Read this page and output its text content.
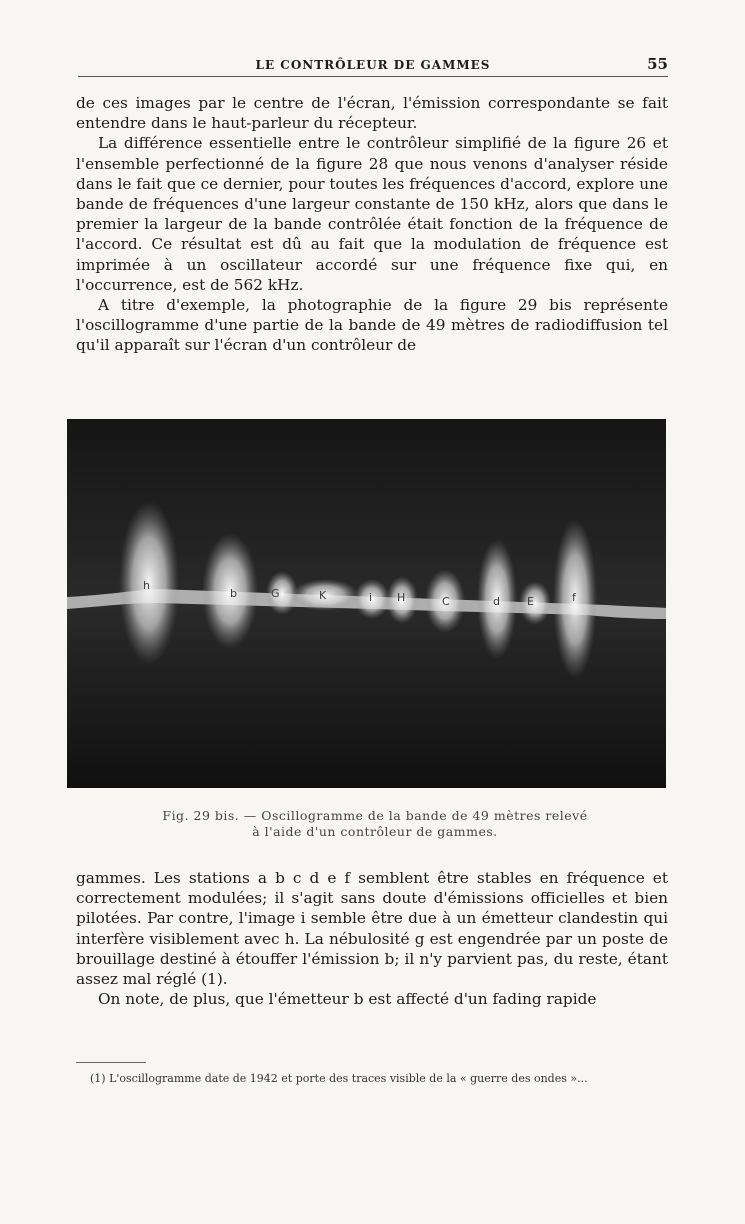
LE CONTRÔLEUR DE GAMMES	55

de ces images par le centre de l'écran, l'émission correspondante se fait entendre dans le haut-parleur du récepteur.

La différence essentielle entre le contrôleur simplifié de la figure 26 et l'ensemble perfectionné de la figure 28 que nous venons d'analyser réside dans le fait que ce dernier, pour toutes les fréquences d'accord, explore une bande de fréquences d'une largeur constante de 150 kHz, alors que dans le premier la largeur de la bande contrôlée était fonction de la fréquence de l'accord. Ce résultat est dû au fait que la modulation de fréquence est imprimée à un oscillateur accordé sur une fréquence fixe qui, en l'occurrence, est de 562 kHz.

A titre d'exemple, la photographie de la figure 29 bis représente l'oscillogramme d'une partie de la bande de 49 mètres de radiodiffusion tel qu'il apparaît sur l'écran d'un contrôleur de

h
b	G	K	i H	C	d E	f
Fig. 29 bis. — Oscillogramme de la bande de 49 mètres relevé
à l'aide d'un contrôleur de gammes.

gammes. Les stations a b c d e f semblent être stables en fréquence et correctement modulées; il s'agit sans doute d'émissions officielles et bien pilotées. Par contre, l'image i semble être due à un émetteur clandestin qui interfère visiblement avec h. La nébulosité g est engendrée par un poste de brouillage destiné à étouffer l'émission b; il n'y parvient pas, du reste, étant assez mal réglé (1).

On note, de plus, que l'émetteur b est affecté d'un fading rapide

(1) L'oscillogramme date de 1942 et porte des traces visible de la « guerre des ondes »...
